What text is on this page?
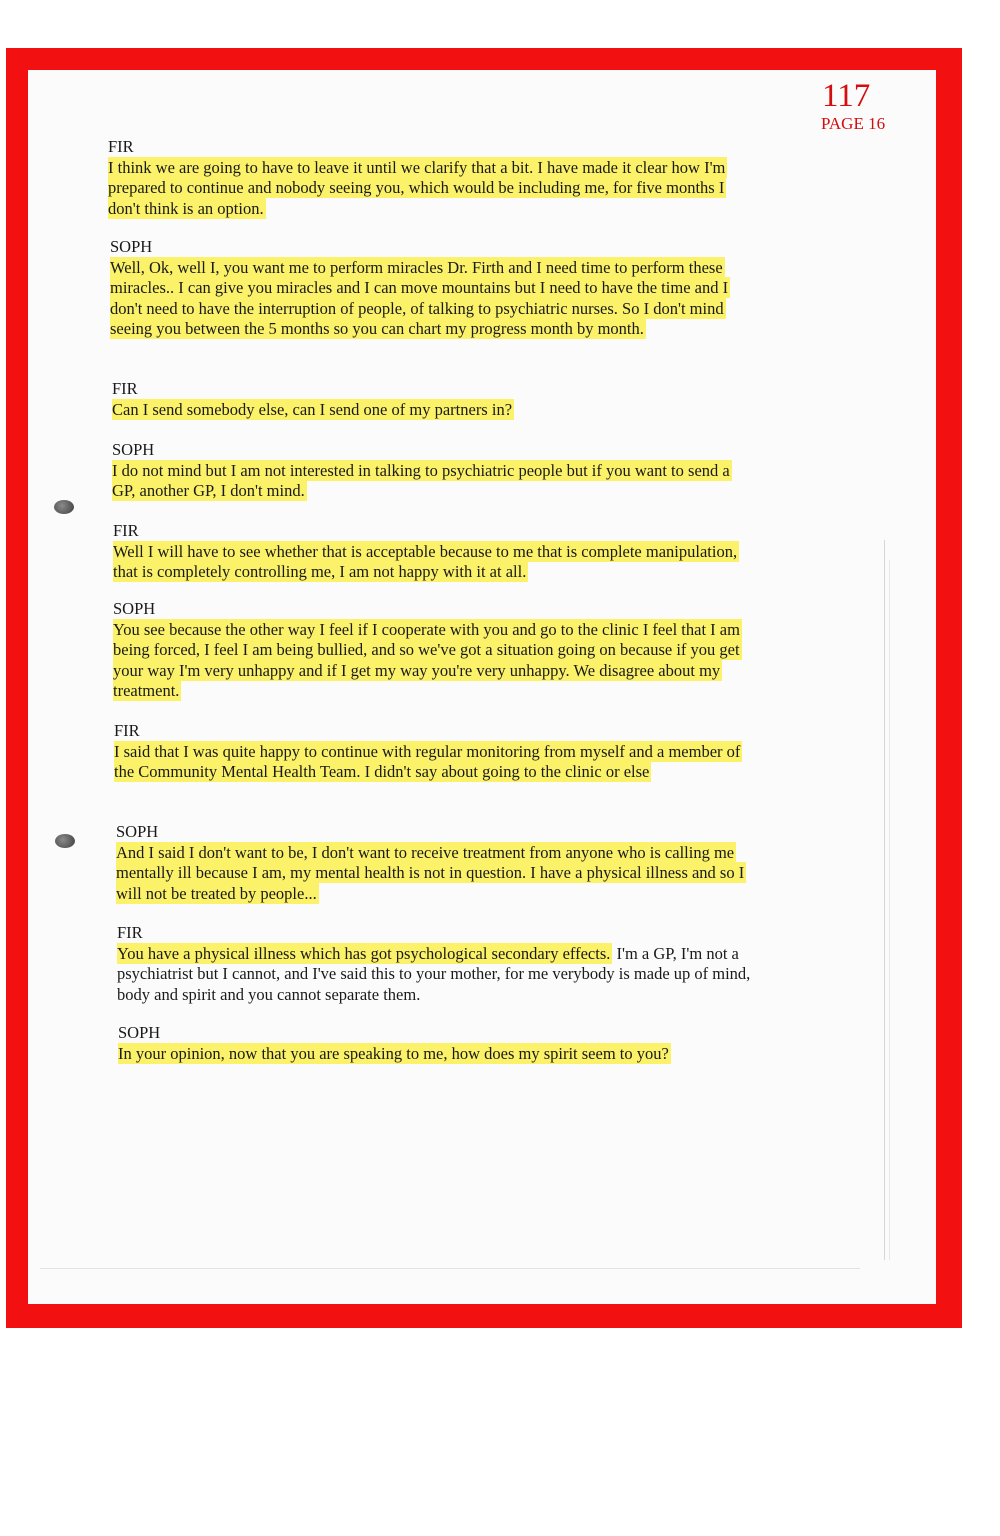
117
PAGE 16
FIR

I think we are going to have to leave it until we clarify that a bit. I have made it clear how I'm prepared to continue and nobody seeing you, which would be including me, for five months I don't think is an option.

SOPH

Well, Ok, well I, you want me to perform miracles Dr. Firth and I need time to perform these miracles.. I can give you miracles and I can move mountains but I need to have the time and I don't need to have the interruption of people, of talking to psychiatric nurses. So I don't mind seeing you between the 5 months so you can chart my progress month by month.

FIR

Can I send somebody else, can I send one of my partners in?

SOPH

I do not mind but I am not interested in talking to psychiatric people but if you want to send a GP, another GP, I don't mind.

FIR

Well I will have to see whether that is acceptable because to me that is complete manipulation, that is completely controlling me, I am not happy with it at all.

SOPH

You see because the other way I feel if I cooperate with you and go to the clinic I feel that I am being forced, I feel I am being bullied, and so we've got a situation going on because if you get your way I'm very unhappy and if I get my way you're very unhappy. We disagree about my treatment.

FIR

I said that I was quite happy to continue with regular monitoring from myself and a member of the Community Mental Health Team. I didn't say about going to the clinic or else

SOPH

And I said I don't want to be, I don't want to receive treatment from anyone who is calling me mentally ill because I am, my mental health is not in question. I have a physical illness and so I will not be treated by people...

FIR

You have a physical illness which has got psychological secondary effects. I'm a GP, I'm not a psychiatrist but I cannot, and I've said this to your mother, for me verybody is made up of mind, body and spirit and you cannot separate them.

SOPH

In your opinion, now that you are speaking to me, how does my spirit seem to you?
